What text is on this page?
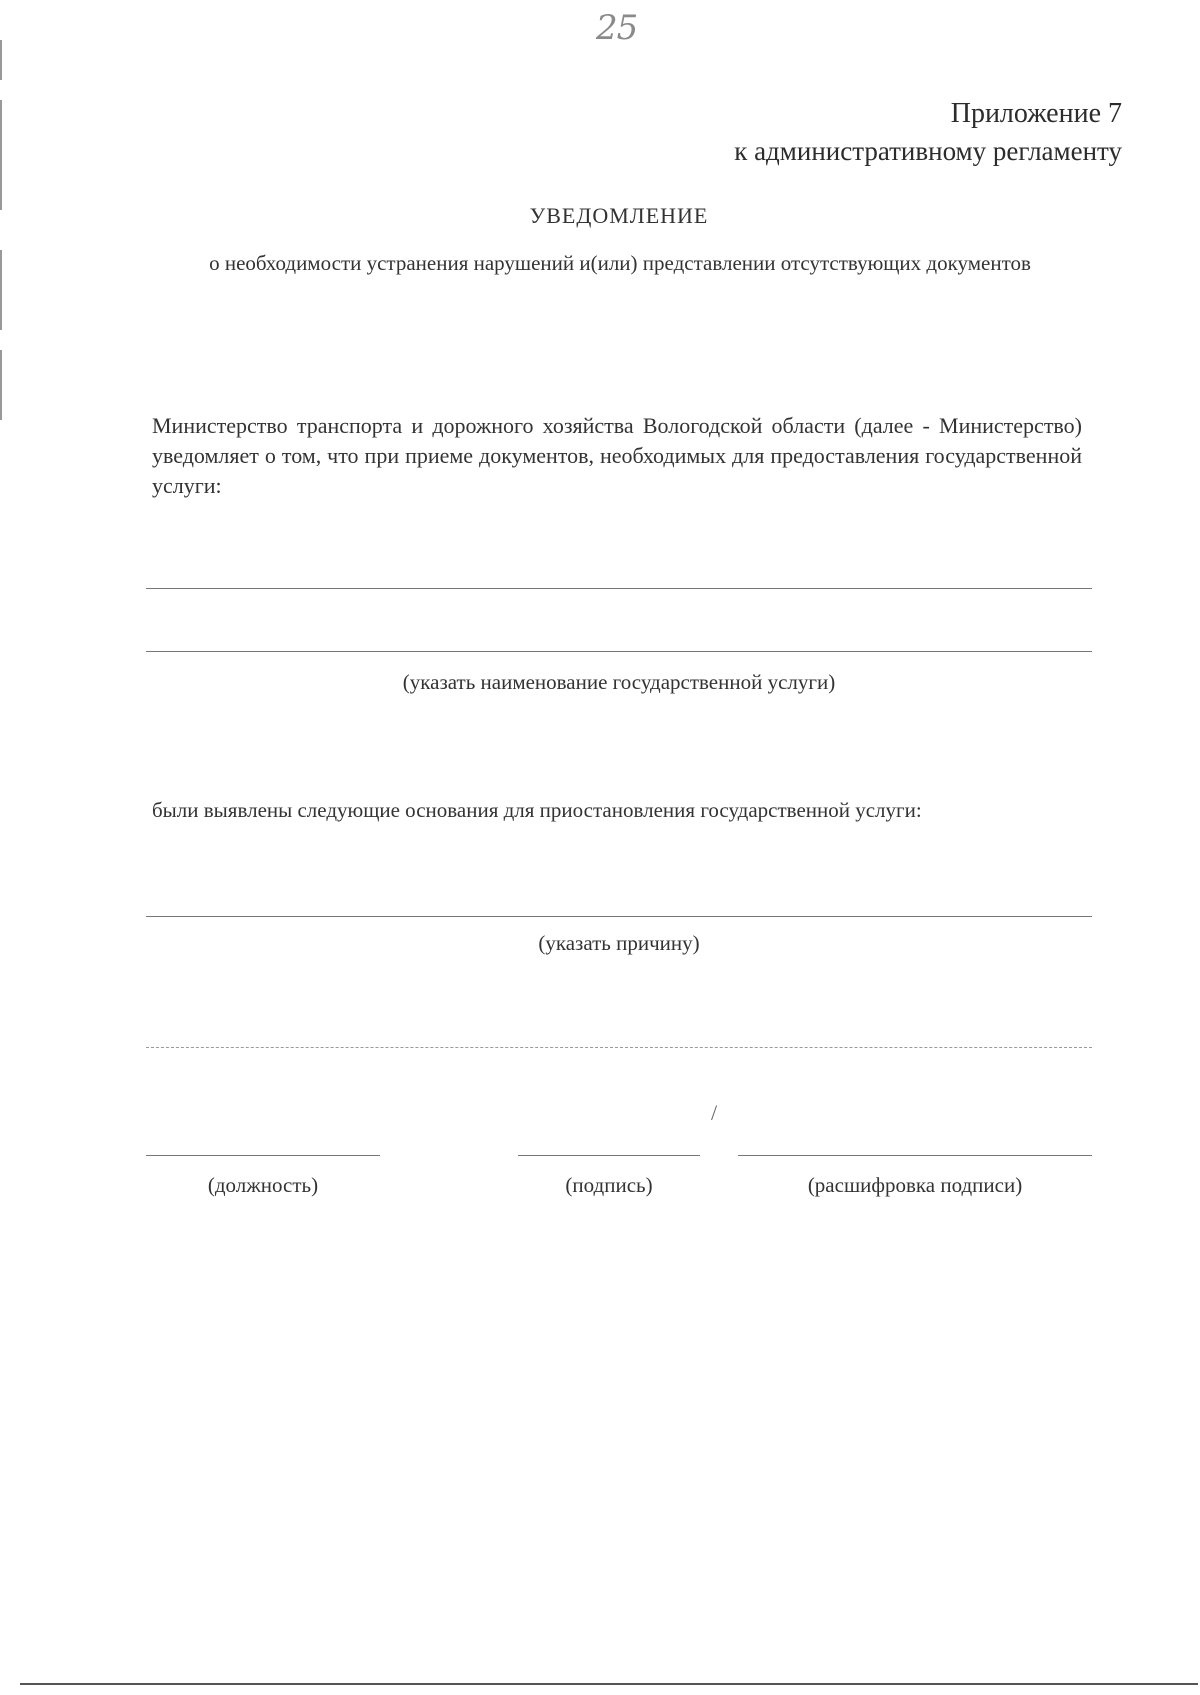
25
Приложение 7
к административному регламенту
УВЕДОМЛЕНИЕ
о необходимости устранения нарушений и(или) представлении отсутствующих документов
Министерство транспорта и дорожного хозяйства Вологодской области (далее - Министерство) уведомляет о том, что при приеме документов, необходимых для предоставления государственной услуги:
(указать наименование государственной услуги)
были выявлены следующие основания для приостановления государственной услуги:
(указать причину)
/
(должность)	(подпись)	(расшифровка подписи)
